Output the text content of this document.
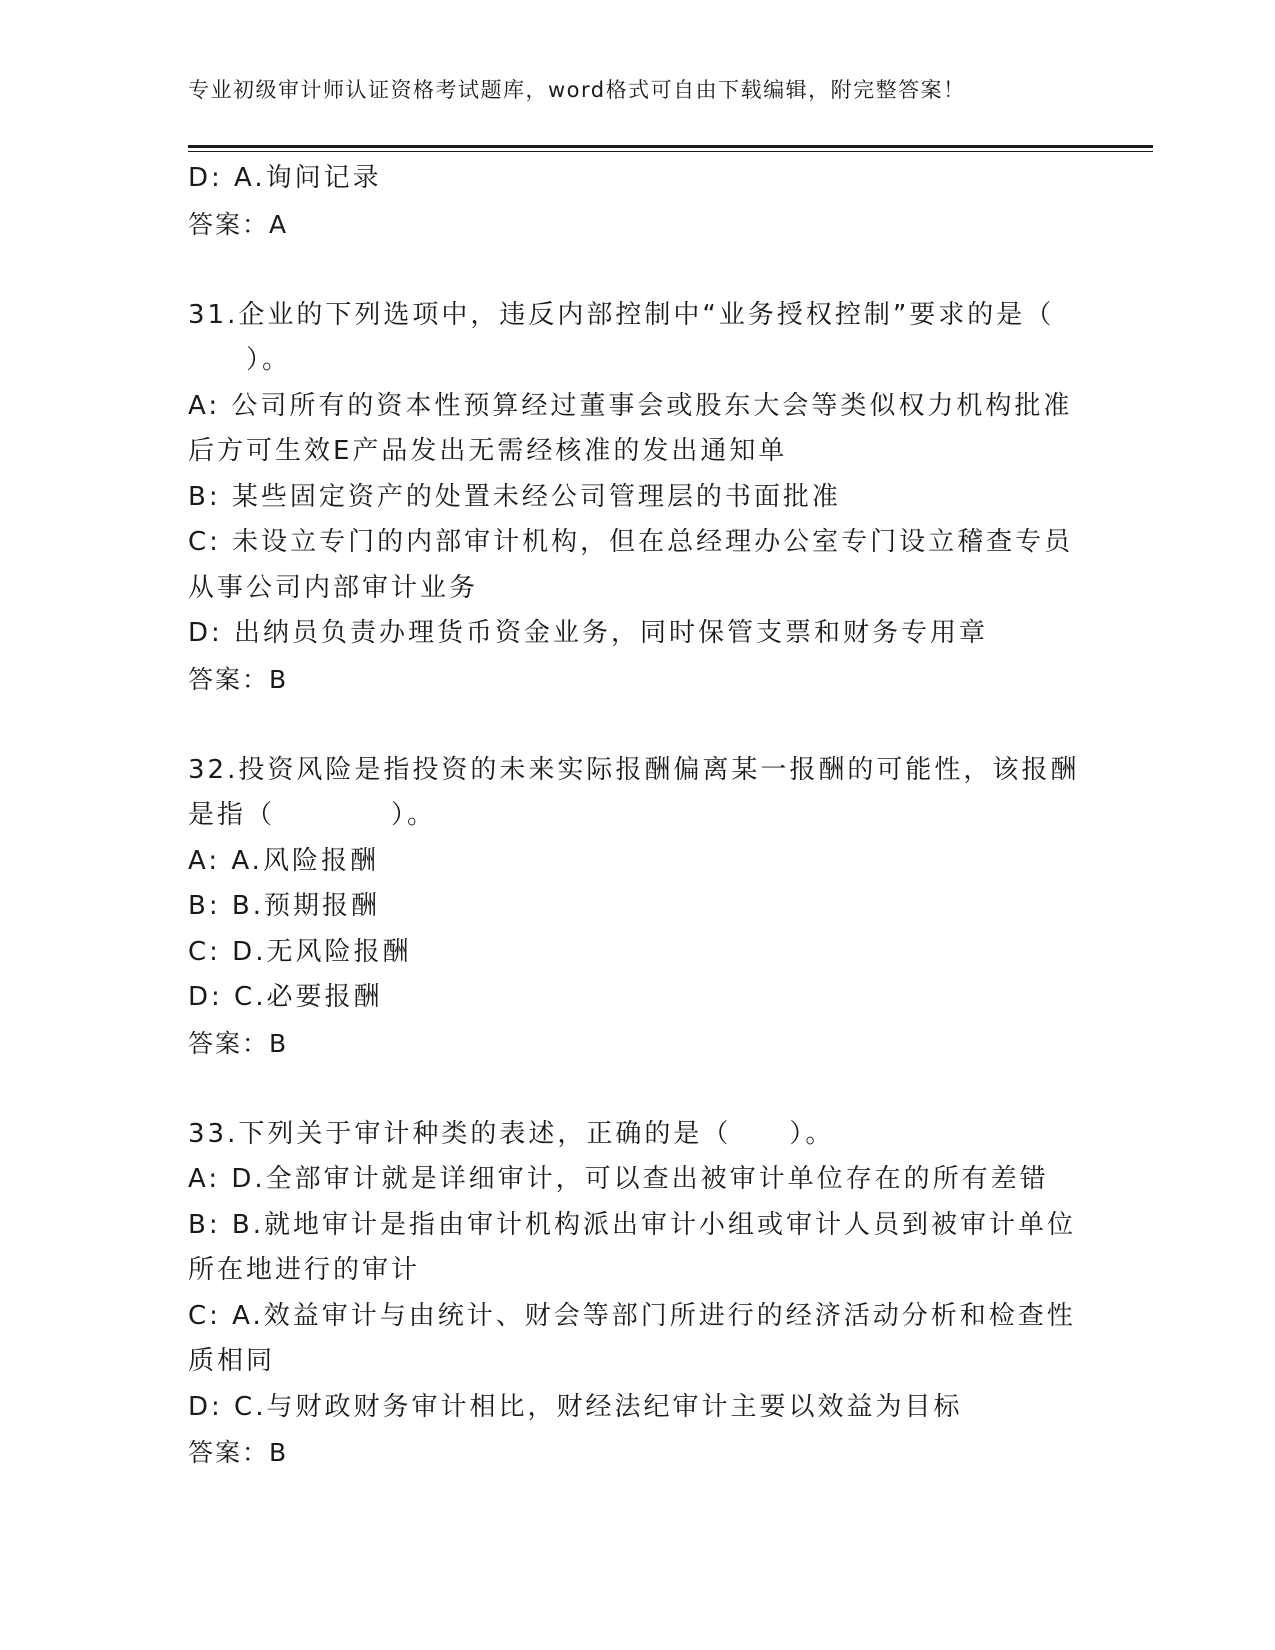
专业初级审计师认证资格考试题库，word格式可自由下载编辑，附完整答案！
D: A.询问记录
答案：A
31.企业的下列选项中，违反内部控制中“业务授权控制”要求的是（
　　）。
A: 公司所有的资本性预算经过董事会或股东大会等类似权力机构批准
后方可生效E产品发出无需经核准的发出通知单
B: 某些固定资产的处置未经公司管理层的书面批准
C: 未设立专门的内部审计机构，但在总经理办公室专门设立稽查专员
从事公司内部审计业务
D: 出纳员负责办理货币资金业务，同时保管支票和财务专用章
答案：B
32.投资风险是指投资的未来实际报酬偏离某一报酬的可能性，该报酬
是指（　　　　）。
A: A.风险报酬
B: B.预期报酬
C: D.无风险报酬
D: C.必要报酬
答案：B
33.下列关于审计种类的表述，正确的是（　　）。
A: D.全部审计就是详细审计，可以查出被审计单位存在的所有差错
B: B.就地审计是指由审计机构派出审计小组或审计人员到被审计单位
所在地进行的审计
C: A.效益审计与由统计、财会等部门所进行的经济活动分析和检查性
质相同
D: C.与财政财务审计相比，财经法纪审计主要以效益为目标
答案：B
